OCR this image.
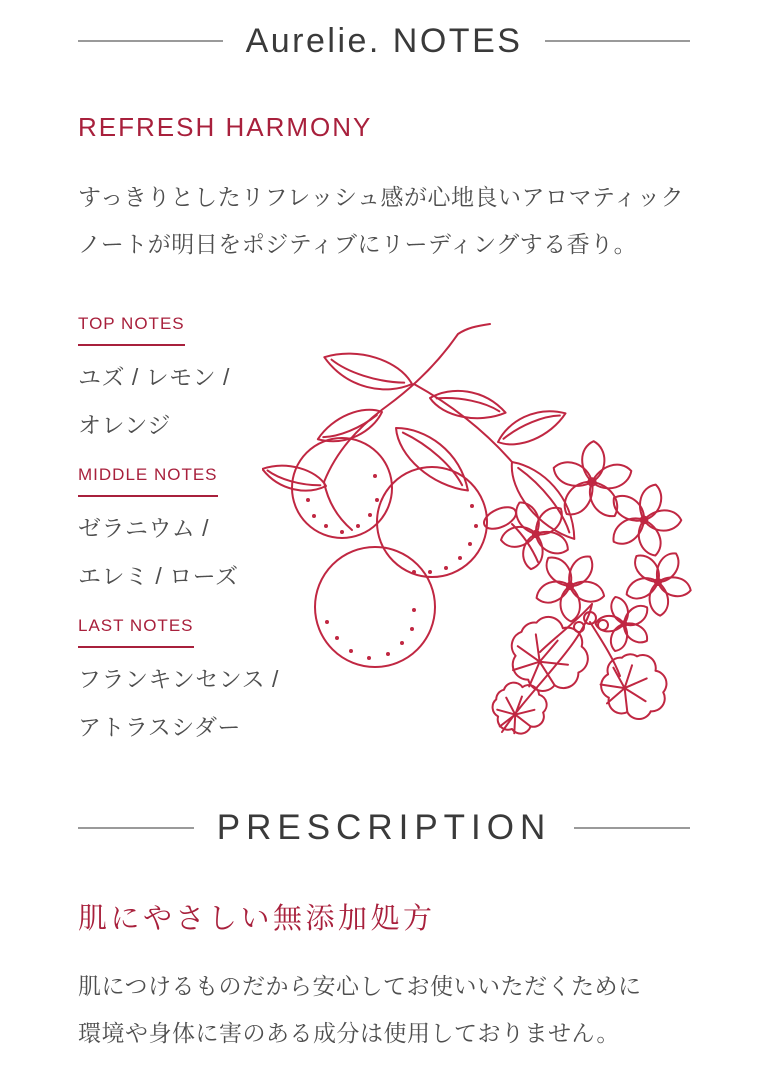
Aurelie. NOTES
REFRESH HARMONY

すっきりとしたリフレッシュ感が心地良いアロマティック
ノートが明日をポジティブにリーディングする香り。

TOP NOTES

ユズ / レモン /
オレンジ

MIDDLE NOTES

ゼラニウム /
エレミ / ローズ

LAST NOTES

フランキンセンス /
アトラスシダー

PRESCRIPTION
肌にやさしい無添加処方

肌につけるものだから安心してお使いいただくために
環境や身体に害のある成分は使用しておりません。
